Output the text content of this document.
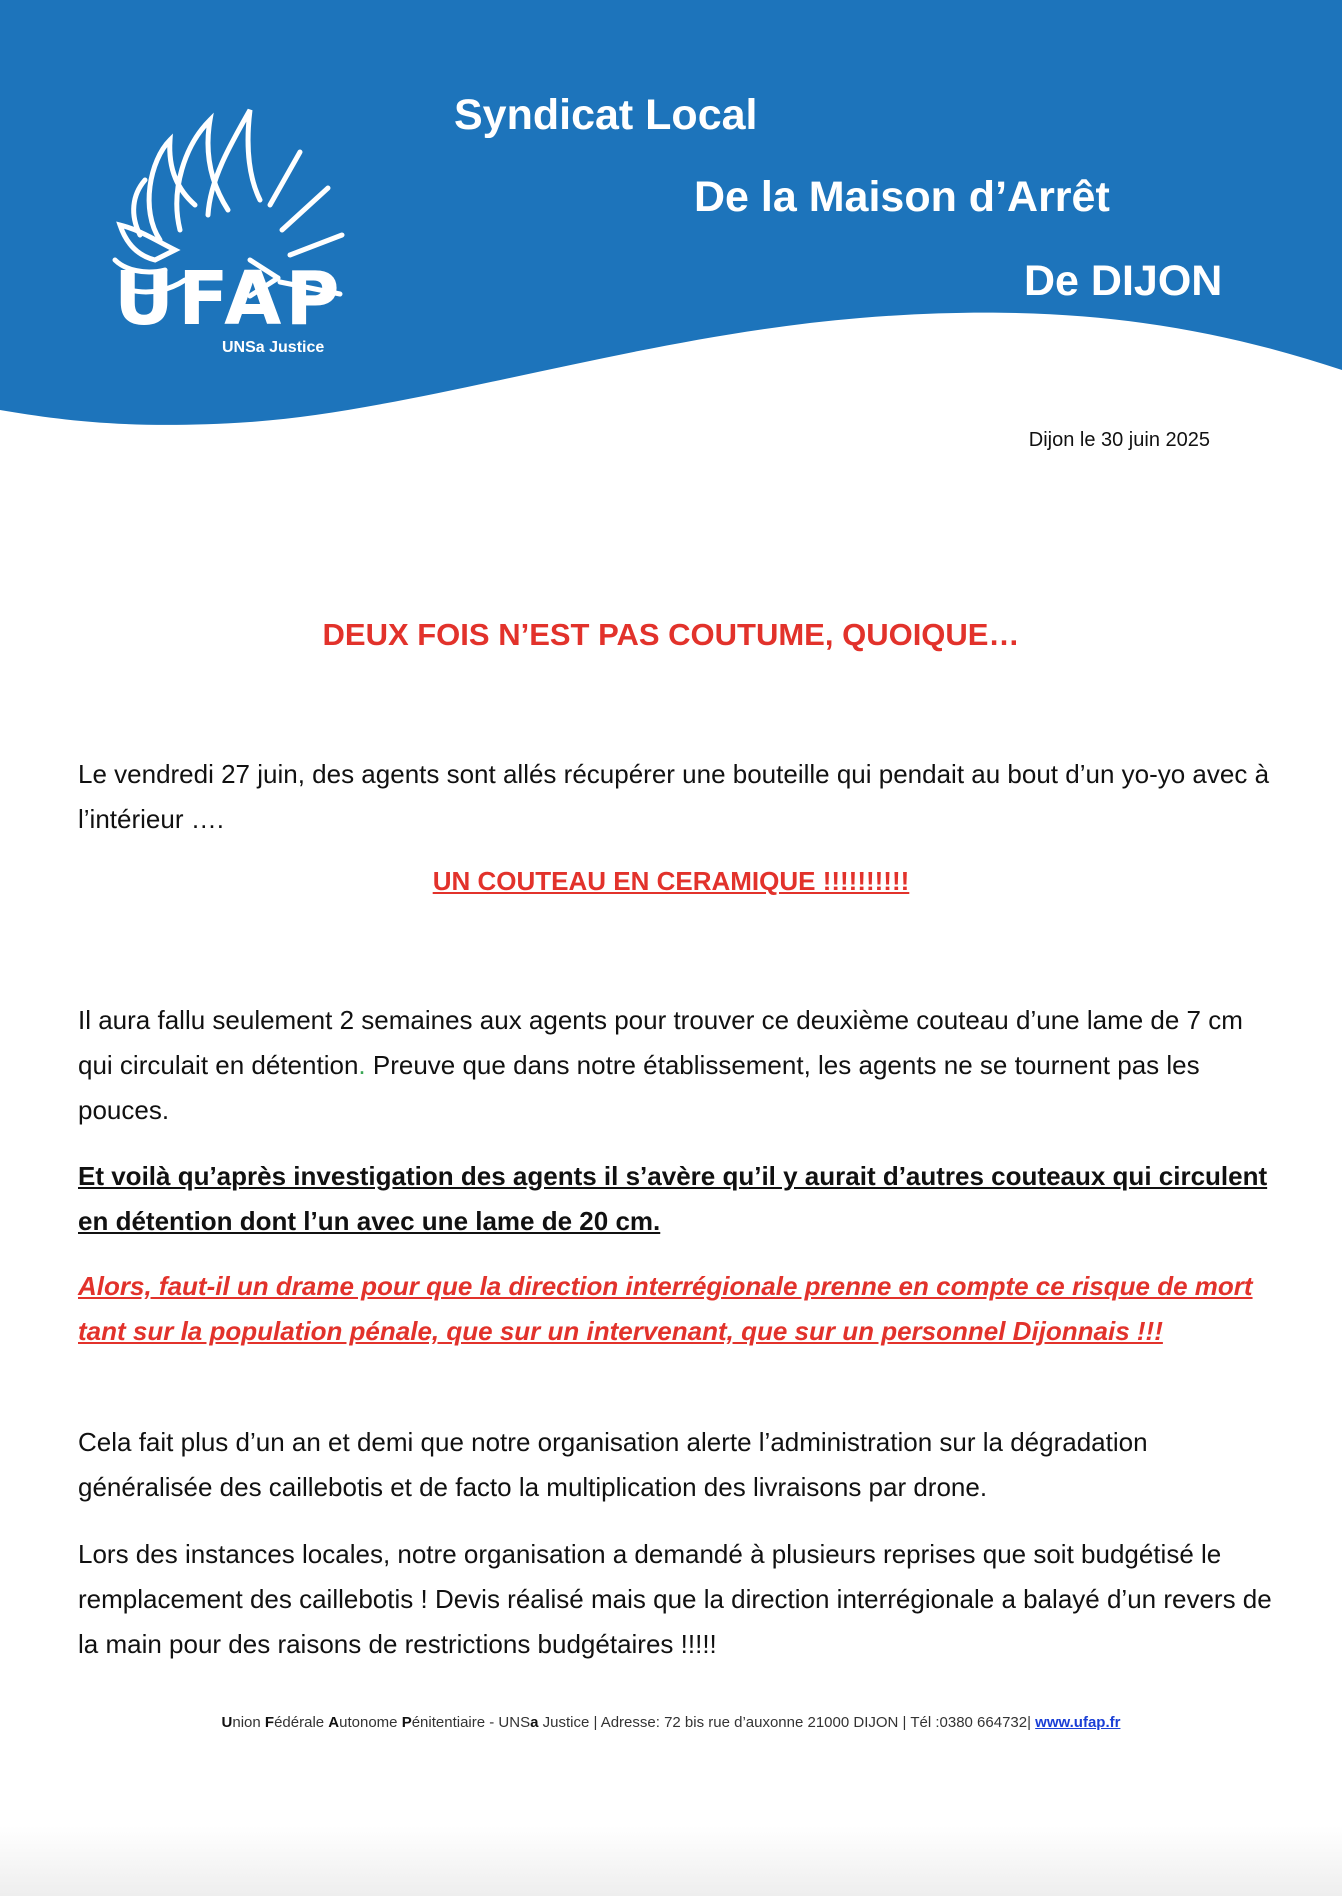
UFAP
UNSa Justice
Syndicat Local
De la Maison d’Arrêt
De DIJON
Dijon le 30 juin 2025
DEUX FOIS N’EST PAS COUTUME, QUOIQUE…
Le vendredi 27 juin, des agents sont allés récupérer une bouteille qui pendait au bout d’un yo-yo avec à l’intérieur ….
UN COUTEAU EN CERAMIQUE !!!!!!!!!!
Il aura fallu seulement 2 semaines aux agents pour trouver ce deuxième couteau d’une lame de 7 cm qui circulait en détention. Preuve que dans notre établissement, les agents ne se tournent pas les pouces.
Et voilà qu’après investigation des agents il s’avère qu’il y aurait d’autres couteaux qui circulent en détention dont l’un avec une lame de 20 cm.
Alors, faut-il un drame pour que la direction interrégionale prenne en compte ce risque de mort tant sur la population pénale, que sur un intervenant, que sur un personnel Dijonnais !!!
Cela fait plus d’un an et demi que notre organisation alerte l’administration sur la dégradation généralisée des caillebotis et de facto la multiplication des livraisons par drone.
Lors des instances locales, notre organisation a demandé à plusieurs reprises que soit budgétisé le remplacement des caillebotis ! Devis réalisé mais que la direction interrégionale a balayé d’un revers de la main pour des raisons de restrictions budgétaires !!!!!
Union Fédérale Autonome Pénitentiaire - UNSa Justice | Adresse: 72 bis rue d’auxonne 21000 DIJON | Tél :0380 664732| www.ufap.fr
